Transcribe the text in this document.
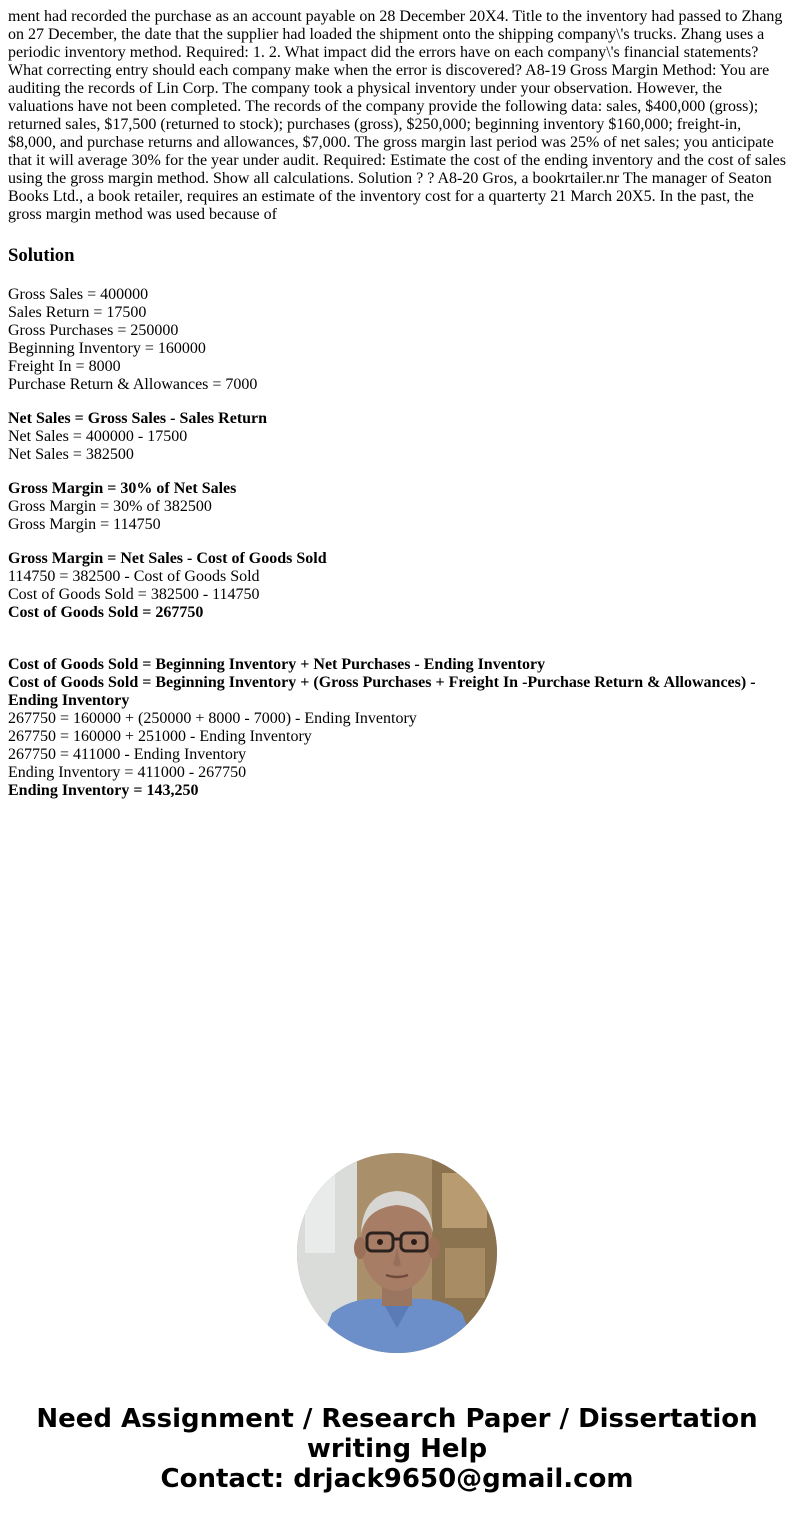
ment had recorded the purchase as an account payable on 28 December 20X4. Title to the inventory had passed to Zhang on 27 December, the date that the supplier had loaded the shipment onto the shipping company\'s trucks. Zhang uses a periodic inventory method. Required: 1. 2. What impact did the errors have on each company\'s financial statements? What correcting entry should each company make when the error is discovered? A8-19 Gross Margin Method: You are auditing the records of Lin Corp. The company took a physical inventory under your observation. However, the valuations have not been completed. The records of the company provide the following data: sales, $400,000 (gross); returned sales, $17,500 (returned to stock); purchases (gross), $250,000; beginning inventory $160,000; freight-in, $8,000, and purchase returns and allowances, $7,000. The gross margin last period was 25% of net sales; you anticipate that it will average 30% for the year under audit. Required: Estimate the cost of the ending inventory and the cost of sales using the gross margin method. Show all calculations. Solution ? ? A8-20 Gros, a bookrtailer.nr The manager of Seaton Books Ltd., a book retailer, requires an estimate of the inventory cost for a quarterty 21 March 20X5. In the past, the gross margin method was used because of

Solution
Gross Sales = 400000
Sales Return = 17500
Gross Purchases = 250000
Beginning Inventory = 160000
Freight In = 8000
Purchase Return & Allowances = 7000
Net Sales = Gross Sales - Sales Return
Net Sales = 400000 - 17500
Net Sales = 382500
Gross Margin = 30% of Net Sales
Gross Margin = 30% of 382500
Gross Margin = 114750
Gross Margin = Net Sales - Cost of Goods Sold
114750 = 382500 - Cost of Goods Sold
Cost of Goods Sold = 382500 - 114750
Cost of Goods Sold = 267750
Cost of Goods Sold = Beginning Inventory + Net Purchases - Ending Inventory
Cost of Goods Sold = Beginning Inventory + (Gross Purchases + Freight In -Purchase Return & Allowances) - Ending Inventory
267750 = 160000 + (250000 + 8000 - 7000) - Ending Inventory
267750 = 160000 + 251000 - Ending Inventory
267750 = 411000 - Ending Inventory
Ending Inventory = 411000 - 267750
Ending Inventory = 143,250
Need Assignment / Research Paper / Dissertation
writing Help
Contact: drjack9650@gmail.com
